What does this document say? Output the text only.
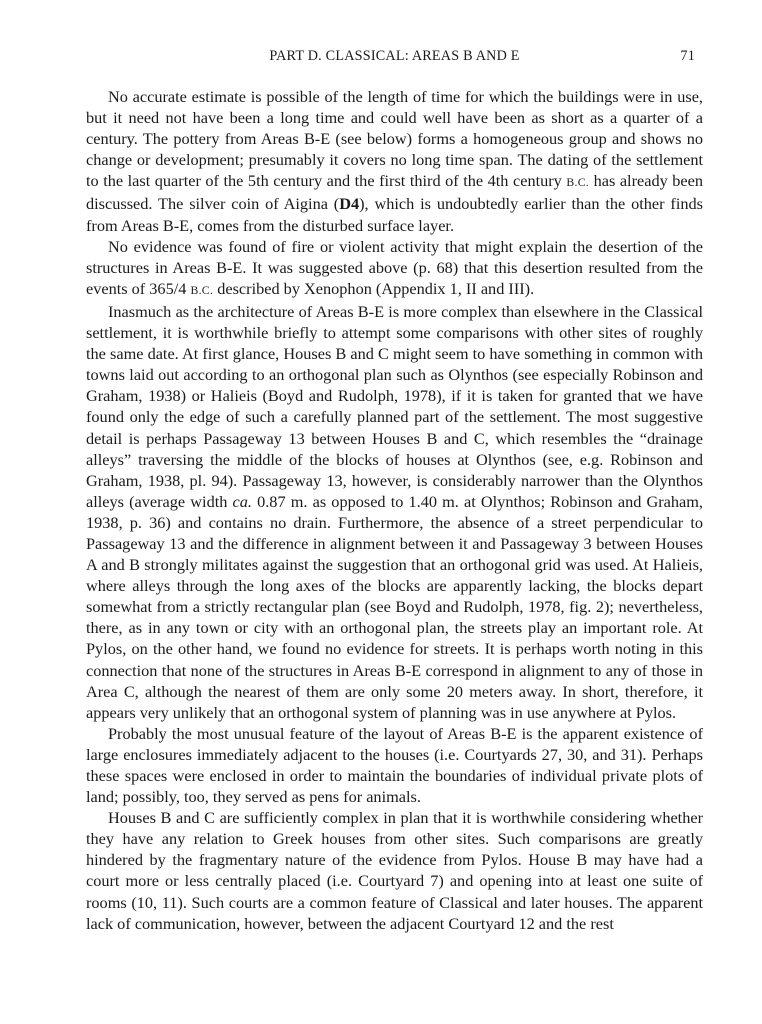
PART D. CLASSICAL: AREAS B AND E	71

No accurate estimate is possible of the length of time for which the buildings were in use, but it need not have been a long time and could well have been as short as a quarter of a century. The pottery from Areas B-E (see below) forms a homogeneous group and shows no change or development; presumably it covers no long time span. The dating of the settlement to the last quarter of the 5th century and the first third of the 4th century B.C. has already been discussed. The silver coin of Aigina (D4), which is undoubtedly earlier than the other finds from Areas B-E, comes from the disturbed surface layer.

No evidence was found of fire or violent activity that might explain the desertion of the structures in Areas B-E. It was suggested above (p. 68) that this desertion resulted from the events of 365/4 B.C. described by Xenophon (Appendix 1, II and III).

Inasmuch as the architecture of Areas B-E is more complex than elsewhere in the Classical settlement, it is worthwhile briefly to attempt some comparisons with other sites of roughly the same date. At first glance, Houses B and C might seem to have something in common with towns laid out according to an orthogonal plan such as Olynthos (see especially Robinson and Graham, 1938) or Halieis (Boyd and Rudolph, 1978), if it is taken for granted that we have found only the edge of such a carefully planned part of the settlement. The most suggestive detail is perhaps Passageway 13 between Houses B and C, which resembles the “drainage alleys” traversing the middle of the blocks of houses at Olynthos (see, e.g. Robinson and Graham, 1938, pl. 94). Passageway 13, however, is considerably narrower than the Olynthos alleys (average width ca. 0.87 m. as opposed to 1.40 m. at Olynthos; Robinson and Graham, 1938, p. 36) and contains no drain. Furthermore, the absence of a street perpendicular to Passageway 13 and the difference in alignment between it and Passageway 3 between Houses A and B strongly militates against the suggestion that an orthogonal grid was used. At Halieis, where alleys through the long axes of the blocks are apparently lacking, the blocks depart somewhat from a strictly rectangular plan (see Boyd and Rudolph, 1978, fig. 2); nevertheless, there, as in any town or city with an orthogonal plan, the streets play an important role. At Pylos, on the other hand, we found no evidence for streets. It is perhaps worth noting in this connection that none of the structures in Areas B-E correspond in alignment to any of those in Area C, although the nearest of them are only some 20 meters away. In short, therefore, it appears very unlikely that an orthogonal system of planning was in use anywhere at Pylos.

Probably the most unusual feature of the layout of Areas B-E is the apparent existence of large enclosures immediately adjacent to the houses (i.e. Courtyards 27, 30, and 31). Perhaps these spaces were enclosed in order to maintain the boundaries of individual private plots of land; possibly, too, they served as pens for animals.

Houses B and C are sufficiently complex in plan that it is worthwhile considering whether they have any relation to Greek houses from other sites. Such comparisons are greatly hindered by the fragmentary nature of the evidence from Pylos. House B may have had a court more or less centrally placed (i.e. Courtyard 7) and opening into at least one suite of rooms (10, 11). Such courts are a common feature of Classical and later houses. The apparent lack of communication, however, between the adjacent Courtyard 12 and the rest
